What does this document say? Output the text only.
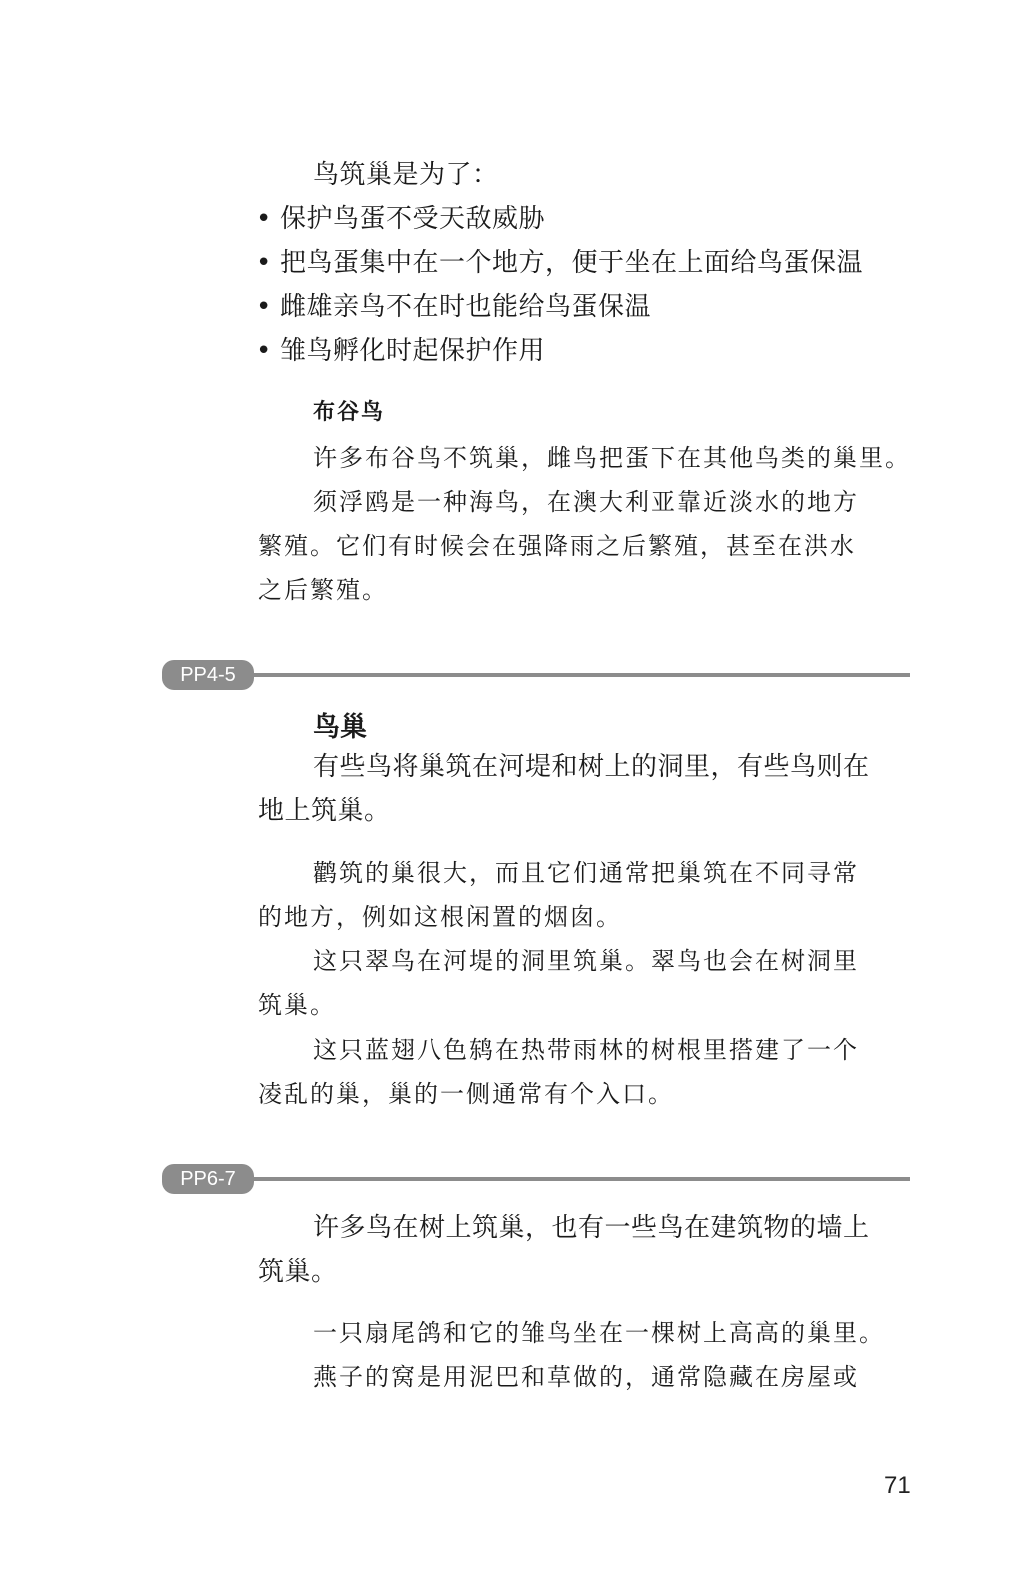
鸟筑巢是为了：

• 保护鸟蛋不受天敌威胁
• 把鸟蛋集中在一个地方，便于坐在上面给鸟蛋保温
• 雌雄亲鸟不在时也能给鸟蛋保温
• 雏鸟孵化时起保护作用

布谷鸟

许多布谷鸟不筑巢，雌鸟把蛋下在其他鸟类的巢里。

须浮鸥是一种海鸟，在澳大利亚靠近淡水的地方

繁殖。它们有时候会在强降雨之后繁殖，甚至在洪水

之后繁殖。

PP4-5

鸟巢

有些鸟将巢筑在河堤和树上的洞里，有些鸟则在

地上筑巢。

鹳筑的巢很大，而且它们通常把巢筑在不同寻常

的地方，例如这根闲置的烟囱。

这只翠鸟在河堤的洞里筑巢。翠鸟也会在树洞里

筑巢。

这只蓝翅八色鸫在热带雨林的树根里搭建了一个

凌乱的巢，巢的一侧通常有个入口。

PP6-7

许多鸟在树上筑巢，也有一些鸟在建筑物的墙上

筑巢。

一只扇尾鸽和它的雏鸟坐在一棵树上高高的巢里。

燕子的窝是用泥巴和草做的，通常隐藏在房屋或

71
